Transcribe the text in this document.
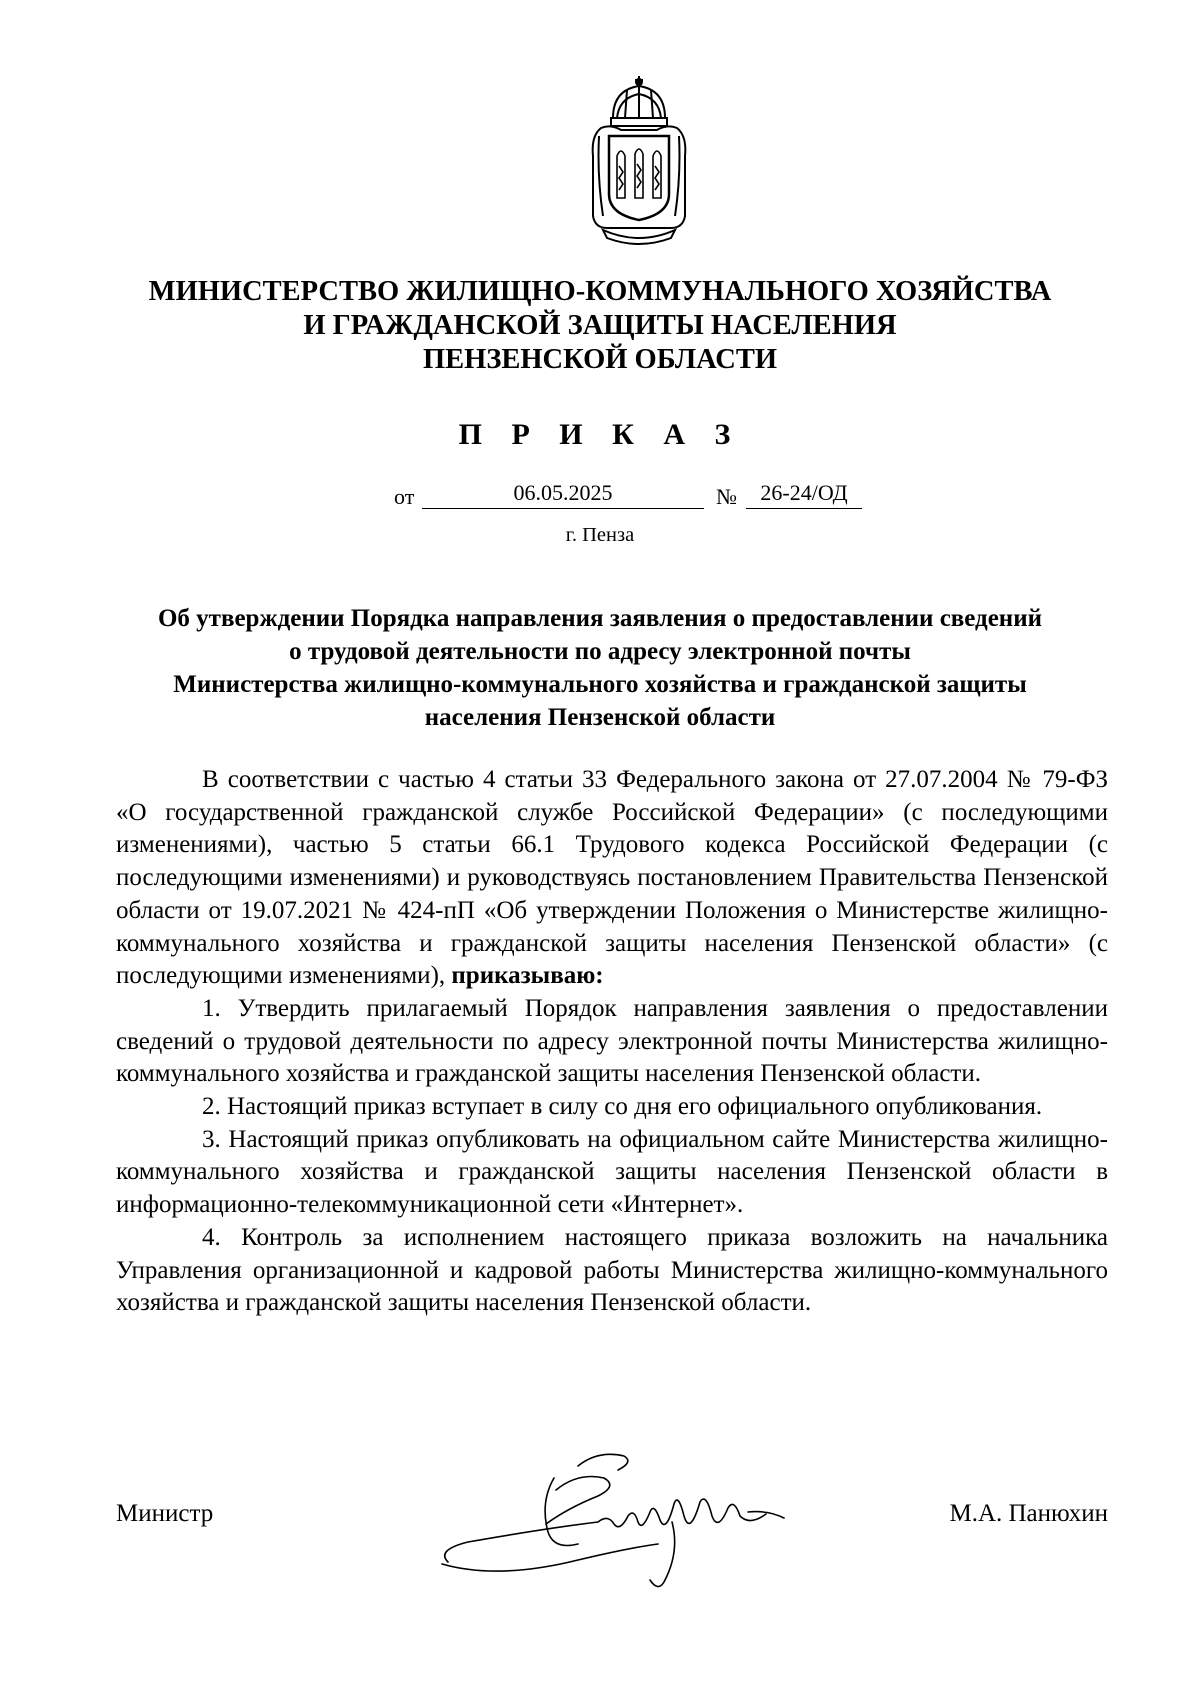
МИНИСТЕРСТВО ЖИЛИЩНО-КОММУНАЛЬНОГО ХОЗЯЙСТВА
И ГРАЖДАНСКОЙ ЗАЩИТЫ НАСЕЛЕНИЯ
ПЕНЗЕНСКОЙ ОБЛАСТИ
П Р И К А З
от	06.05.2025	№	26-24/ОД
г. Пенза
Об утверждении Порядка направления заявления о предоставлении сведений
о трудовой деятельности по адресу электронной почты
Министерства жилищно-коммунального хозяйства и гражданской защиты
населения Пензенской области

В соответствии с частью 4 статьи 33 Федерального закона от 27.07.2004 № 79-ФЗ «О государственной гражданской службе Российской Федерации» (с последующими изменениями), частью 5 статьи 66.1 Трудового кодекса Российской Федерации (с последующими изменениями) и руководствуясь постановлением Правительства Пензенской области от 19.07.2021 № 424-пП «Об утверждении Положения о Министерстве жилищно-коммунального хозяйства и гражданской защиты населения Пензенской области» (с последующими изменениями), приказываю:

1. Утвердить прилагаемый Порядок направления заявления о предоставлении сведений о трудовой деятельности по адресу электронной почты Министерства жилищно-коммунального хозяйства и гражданской защиты населения Пензенской области.

2. Настоящий приказ вступает в силу со дня его официального опубликования.

3. Настоящий приказ опубликовать на официальном сайте Министерства жилищно-коммунального хозяйства и гражданской защиты населения Пензенской области в информационно-телекоммуникационной сети «Интернет».

4. Контроль за исполнением настоящего приказа возложить на начальника Управления организационной и кадровой работы Министерства жилищно-коммунального хозяйства и гражданской защиты населения Пензенской области.

Министр	М.А. Панюхин
